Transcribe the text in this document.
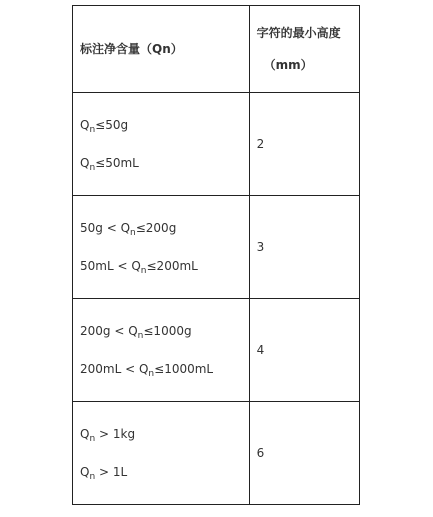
标注净含量（Qn）	字符的最小高度
（mm）

$Q_n\le 50g$
$Q_n\le 50mL$	2

$50g < Q_n\le 200g$
$50mL < Q_n\le 200mL$	3

$200g < Q_n\le 1000g$
$200mL < Q_n\le 1000mL$	4

$Q_n > 1kg$
$Q_n > 1L$	6
